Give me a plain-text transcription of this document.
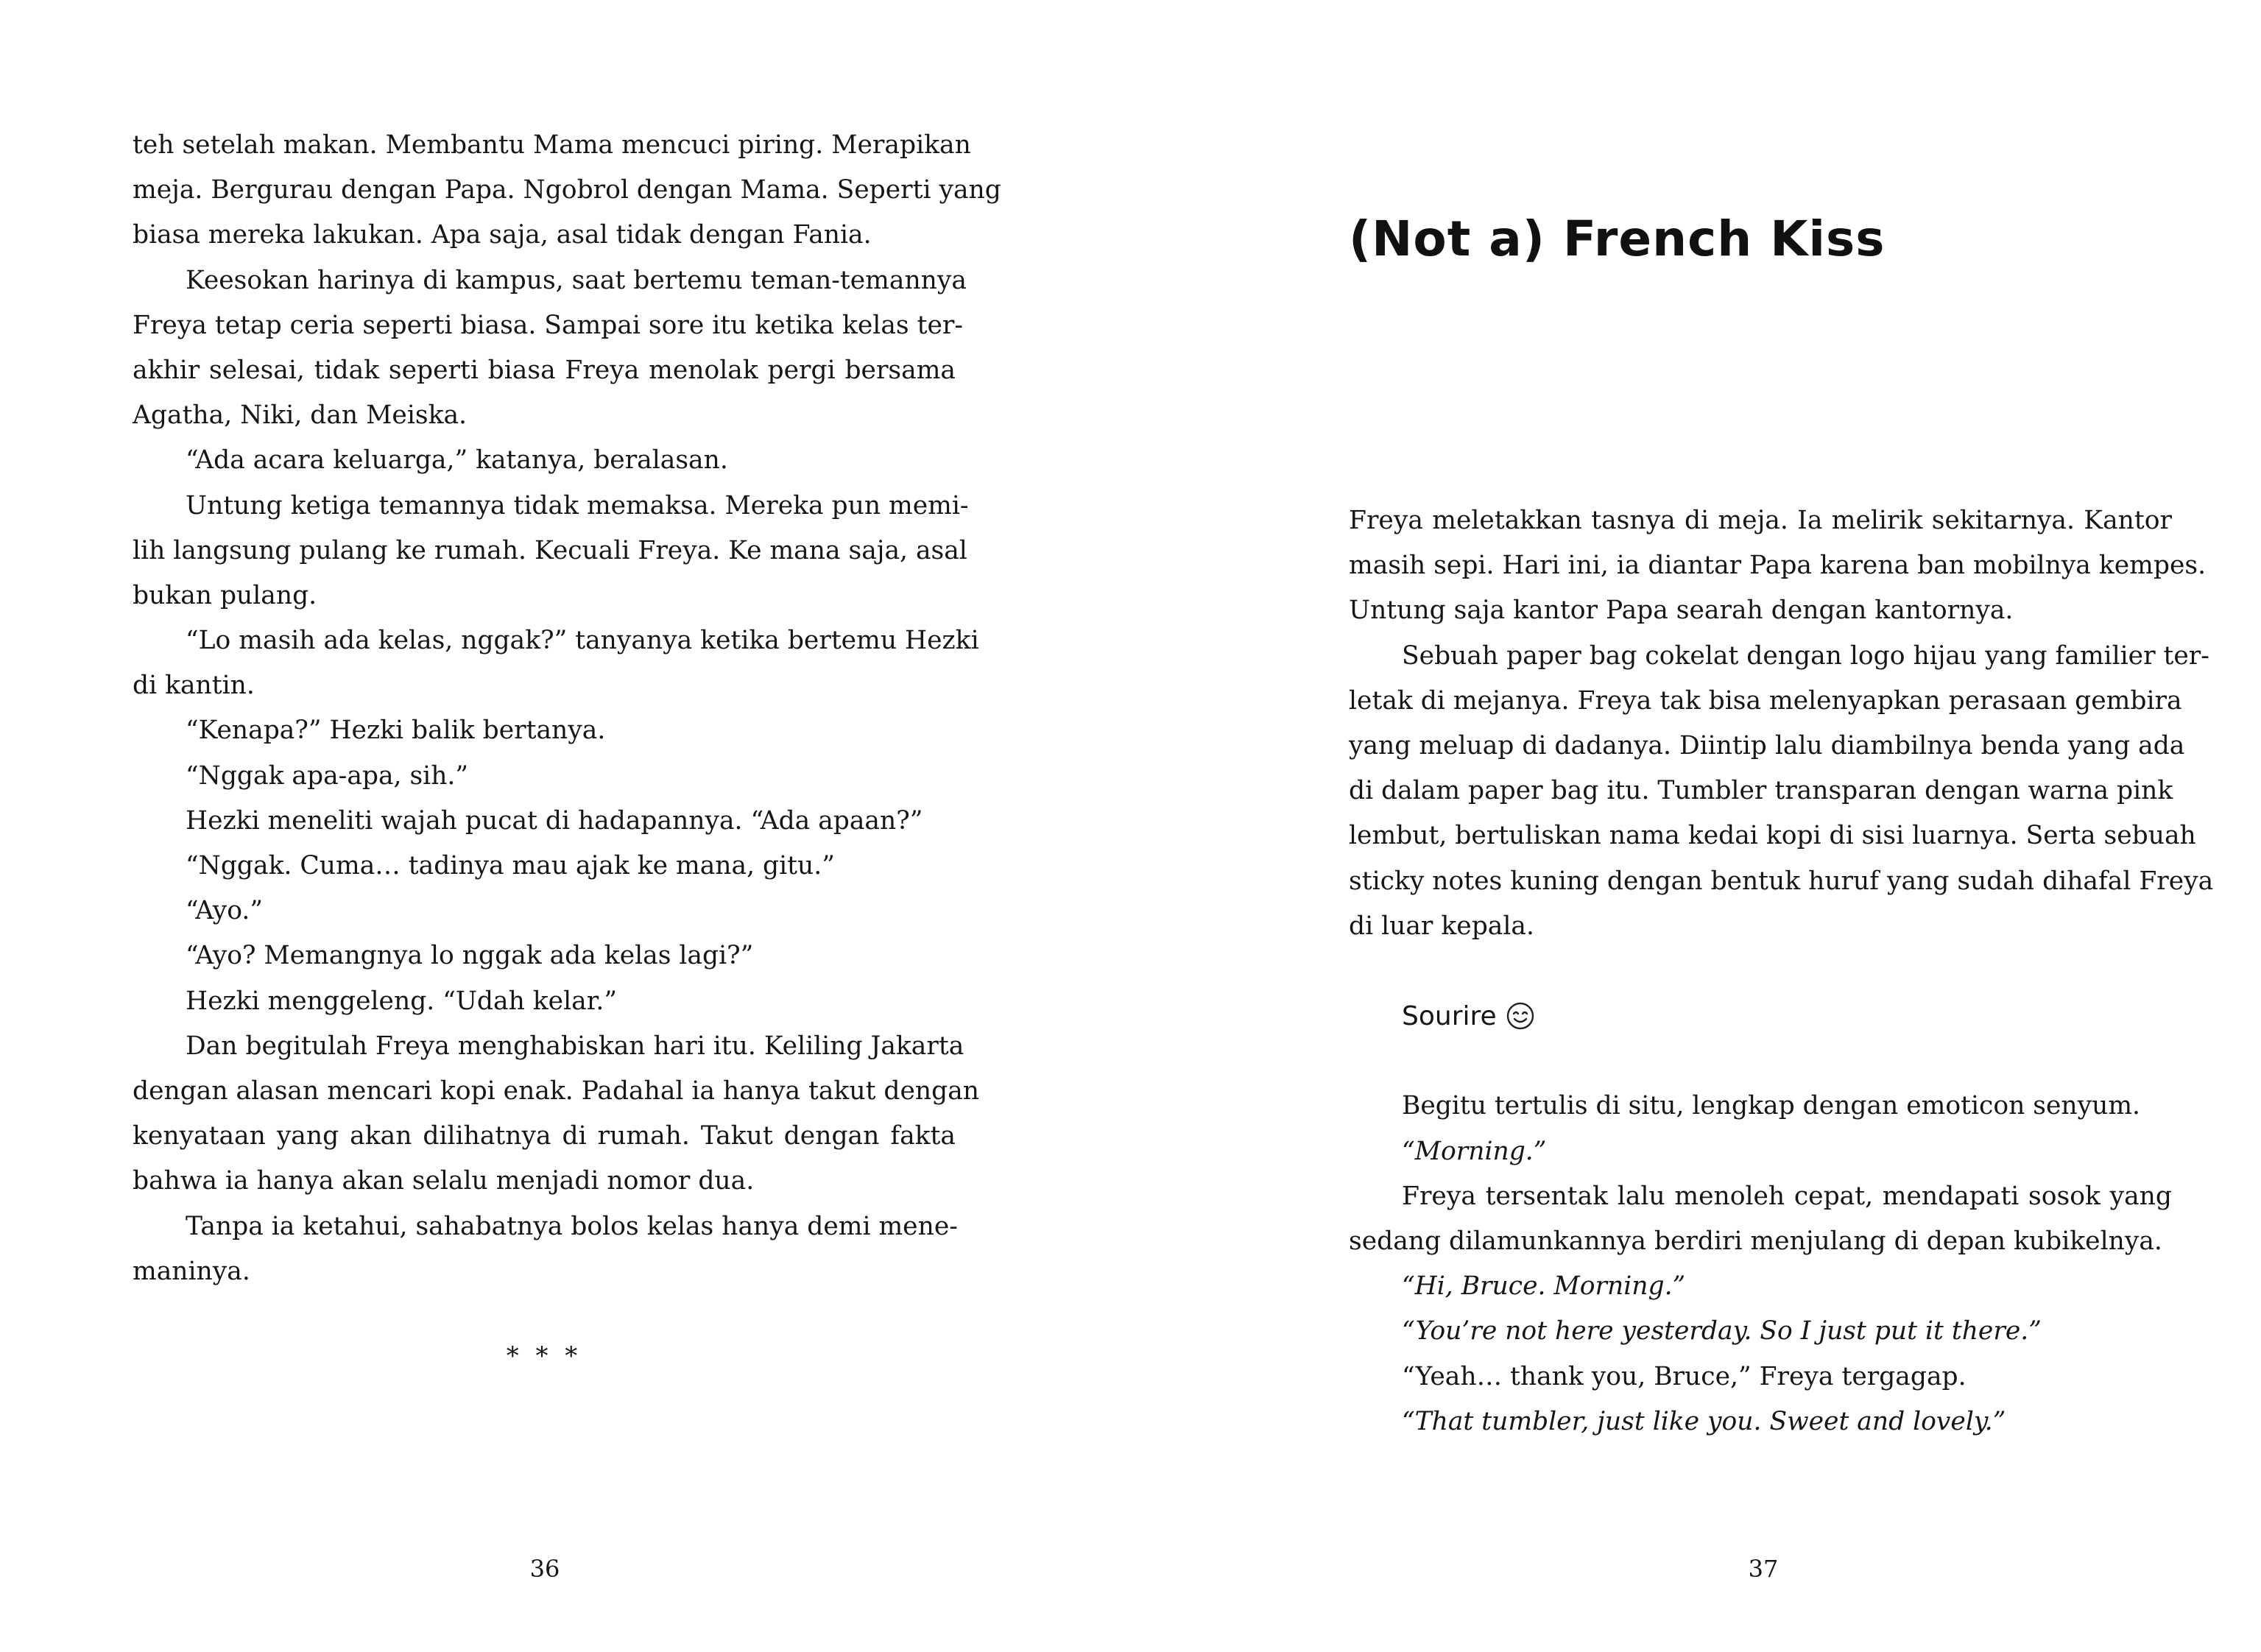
teh setelah makan. Membantu Mama mencuci piring. Merapikan

meja. Bergurau dengan Papa. Ngobrol dengan Mama. Seperti yang

biasa mereka lakukan. Apa saja, asal tidak dengan Fania.

Keesokan harinya di kampus, saat bertemu teman-temannya

Freya tetap ceria seperti biasa. Sampai sore itu ketika kelas ter-

akhir selesai, tidak seperti biasa Freya menolak pergi bersama

Agatha, Niki, dan Meiska.

“Ada acara keluarga,” katanya, beralasan.

Untung ketiga temannya tidak memaksa. Mereka pun memi-

lih langsung pulang ke rumah. Kecuali Freya. Ke mana saja, asal

bukan pulang.

“Lo masih ada kelas, nggak?” tanyanya ketika bertemu Hezki

di kantin.

“Kenapa?” Hezki balik bertanya.

“Nggak apa-apa, sih.”

Hezki meneliti wajah pucat di hadapannya. “Ada apaan?”

“Nggak. Cuma… tadinya mau ajak ke mana, gitu.”

“Ayo.”

“Ayo? Memangnya lo nggak ada kelas lagi?”

Hezki menggeleng. “Udah kelar.”

Dan begitulah Freya menghabiskan hari itu. Keliling Jakarta

dengan alasan mencari kopi enak. Padahal ia hanya takut dengan

kenyataan yang akan dilihatnya di rumah. Takut dengan fakta

bahwa ia hanya akan selalu menjadi nomor dua.

Tanpa ia ketahui, sahabatnya bolos kelas hanya demi mene-

maninya.

* * *
36
(Not a) French Kiss

Freya meletakkan tasnya di meja. Ia melirik sekitarnya. Kantor

masih sepi. Hari ini, ia diantar Papa karena ban mobilnya kempes.

Untung saja kantor Papa searah dengan kantornya.

Sebuah paper bag cokelat dengan logo hijau yang familier ter-

letak di mejanya. Freya tak bisa melenyapkan perasaan gembira

yang meluap di dadanya. Diintip lalu diambilnya benda yang ada

di dalam paper bag itu. Tumbler transparan dengan warna pink

lembut, bertuliskan nama kedai kopi di sisi luarnya. Serta sebuah

sticky notes kuning dengan bentuk huruf yang sudah dihafal Freya

di luar kepala.

Sourire

Begitu tertulis di situ, lengkap dengan emoticon senyum.

“Morning.”

Freya tersentak lalu menoleh cepat, mendapati sosok yang

sedang dilamunkannya berdiri menjulang di depan kubikelnya.

“Hi, Bruce. Morning.”

“You’re not here yesterday. So I just put it there.”

“Yeah… thank you, Bruce,” Freya tergagap.

“That tumbler, just like you. Sweet and lovely.”

37
